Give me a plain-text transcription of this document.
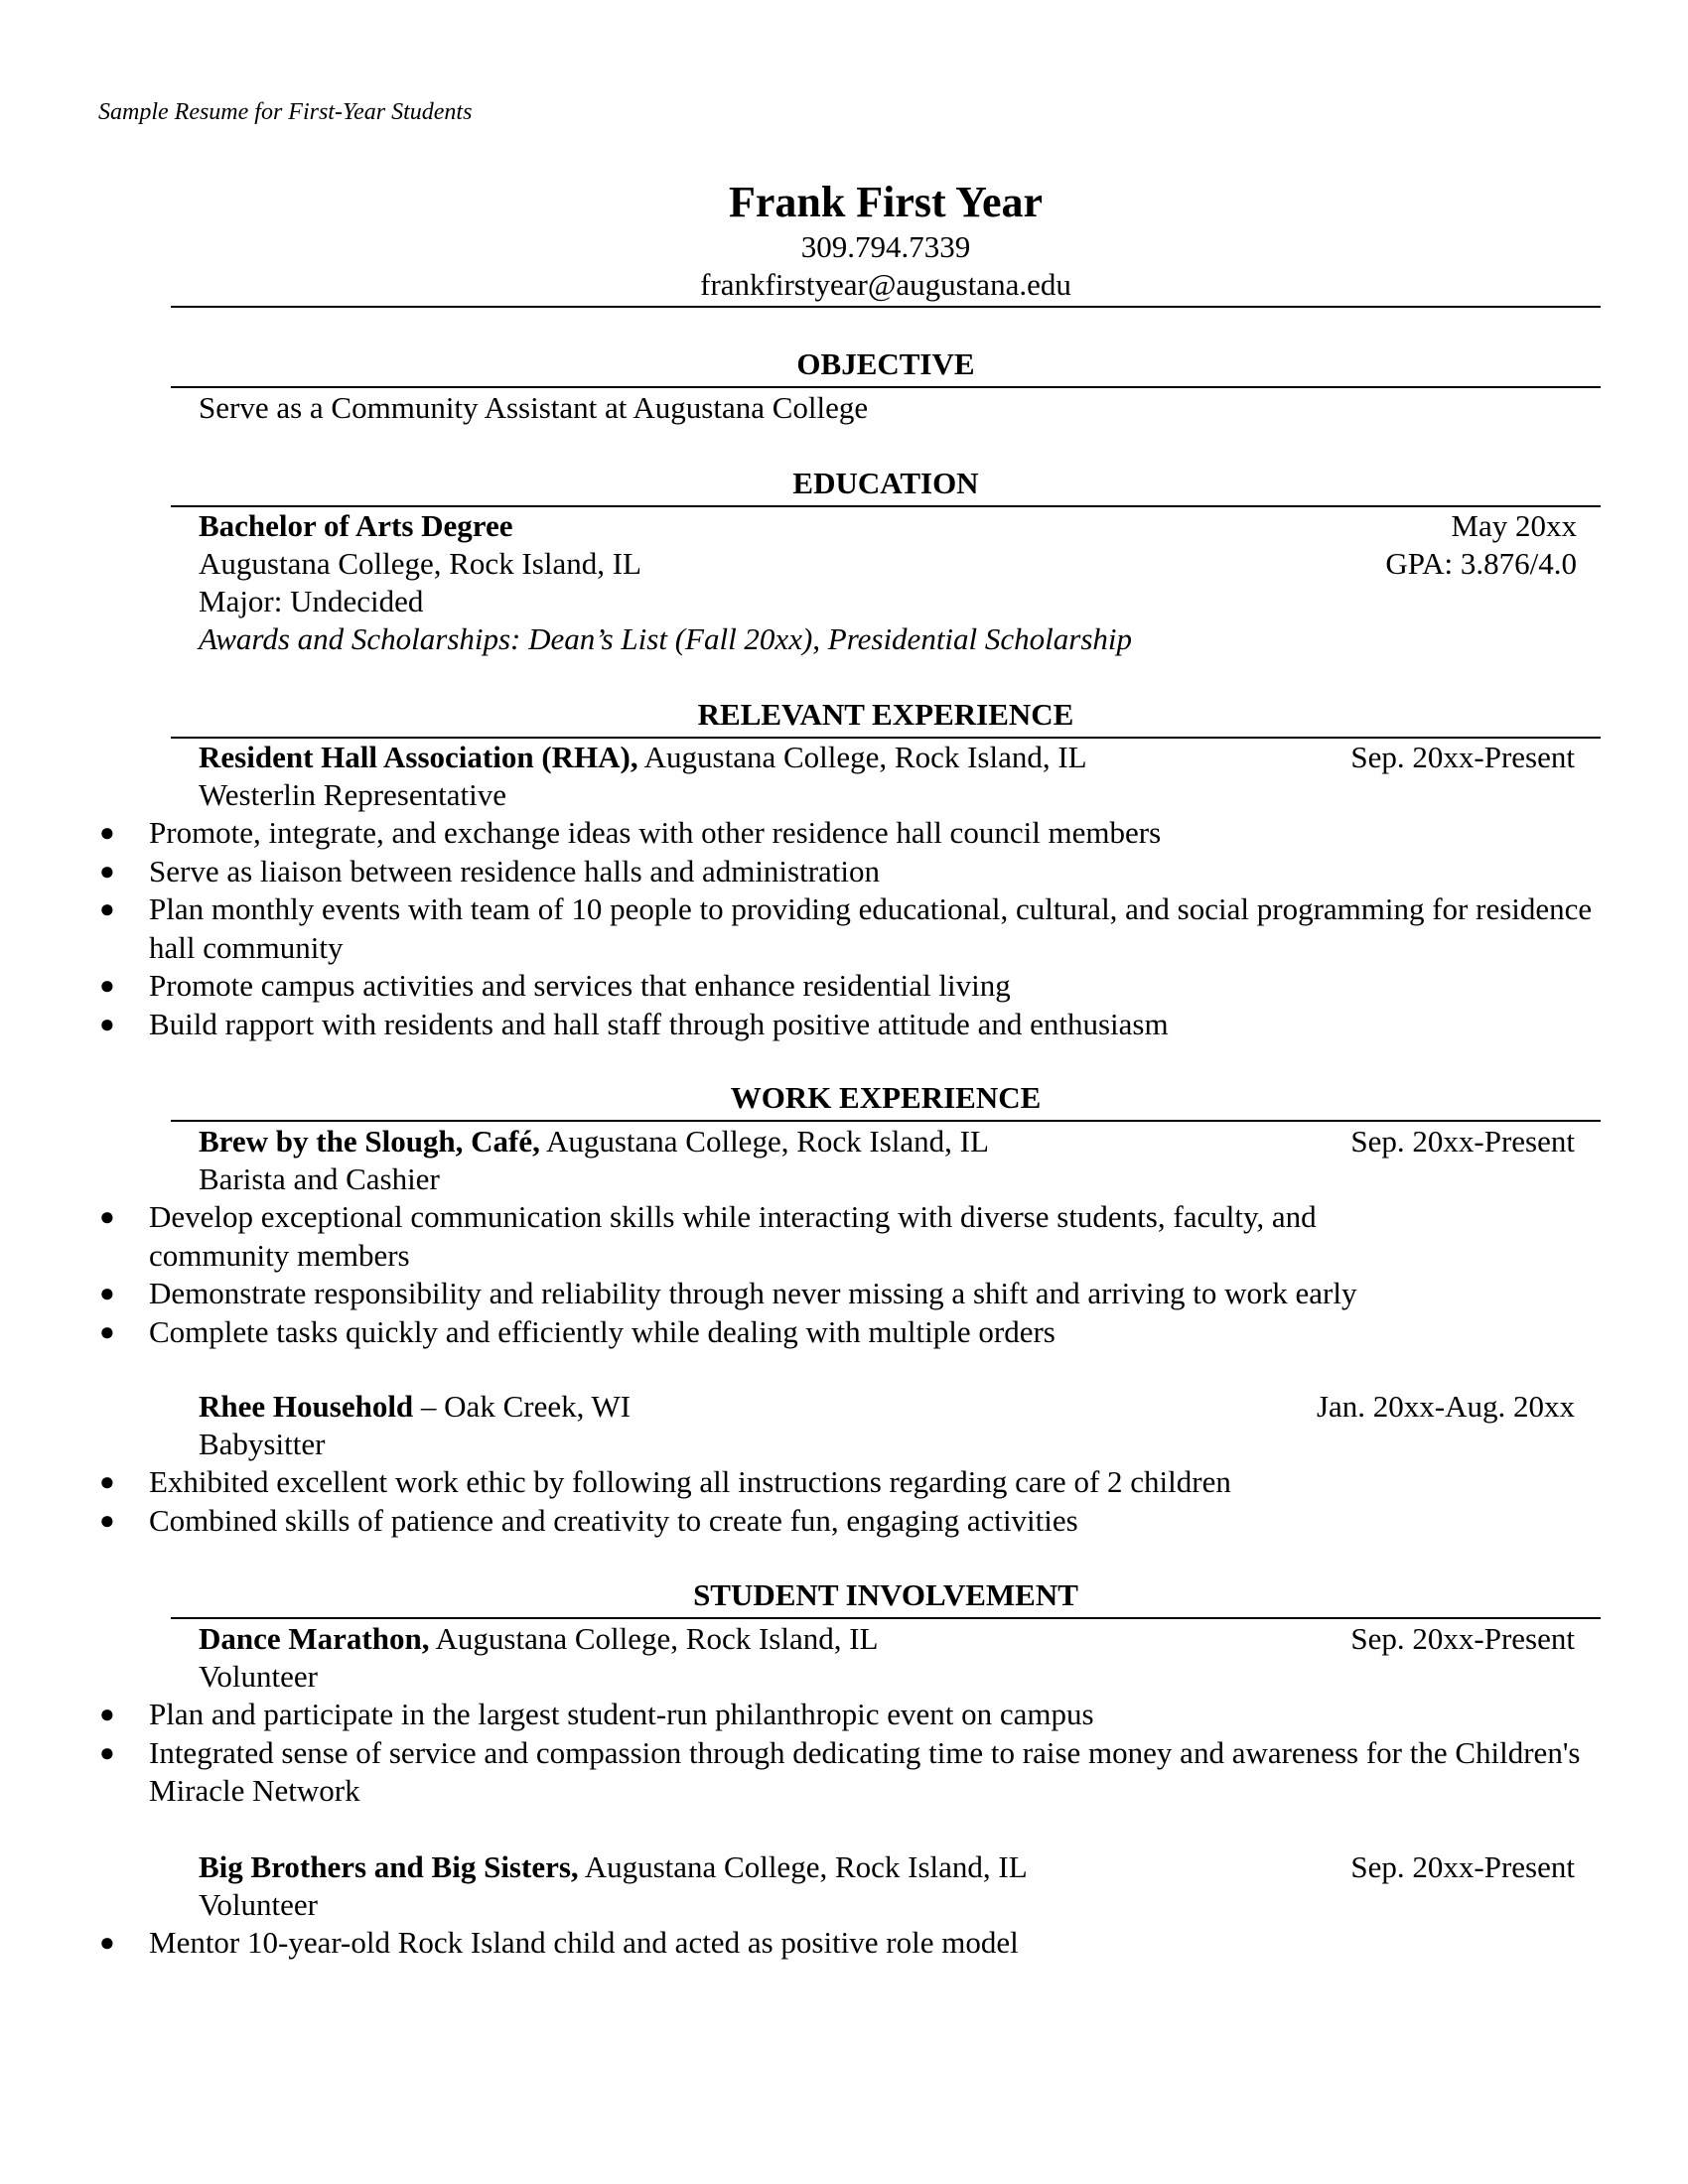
Sample Resume for First-Year Students
Frank First Year
309.794.7339
frankfirstyear@augustana.edu
OBJECTIVE
Serve as a Community Assistant at Augustana College
EDUCATION
Bachelor of Arts Degree	May 20xx
Augustana College, Rock Island, IL	GPA: 3.876/4.0
Major: Undecided
Awards and Scholarships: Dean’s List (Fall 20xx), Presidential Scholarship
RELEVANT EXPERIENCE
Resident Hall Association (RHA), Augustana College, Rock Island, IL	Sep. 20xx-Present
Westerlin Representative
● Promote, integrate, and exchange ideas with other residence hall council members
● Serve as liaison between residence halls and administration
● Plan monthly events with team of 10 people to providing educational, cultural, and social programming for residence hall community
● Promote campus activities and services that enhance residential living
● Build rapport with residents and hall staff through positive attitude and enthusiasm
WORK EXPERIENCE
Brew by the Slough, Café, Augustana College, Rock Island, IL	Sep. 20xx-Present
Barista and Cashier
● Develop exceptional communication skills while interacting with diverse students, faculty, and community members
● Demonstrate responsibility and reliability through never missing a shift and arriving to work early
● Complete tasks quickly and efficiently while dealing with multiple orders
Rhee Household – Oak Creek, WI	Jan. 20xx-Aug. 20xx
Babysitter
● Exhibited excellent work ethic by following all instructions regarding care of 2 children
● Combined skills of patience and creativity to create fun, engaging activities
STUDENT INVOLVEMENT
Dance Marathon, Augustana College, Rock Island, IL	Sep. 20xx-Present
Volunteer
● Plan and participate in the largest student-run philanthropic event on campus
● Integrated sense of service and compassion through dedicating time to raise money and awareness for the Children's Miracle Network
Big Brothers and Big Sisters, Augustana College, Rock Island, IL	Sep. 20xx-Present
Volunteer
● Mentor 10-year-old Rock Island child and acted as positive role model
